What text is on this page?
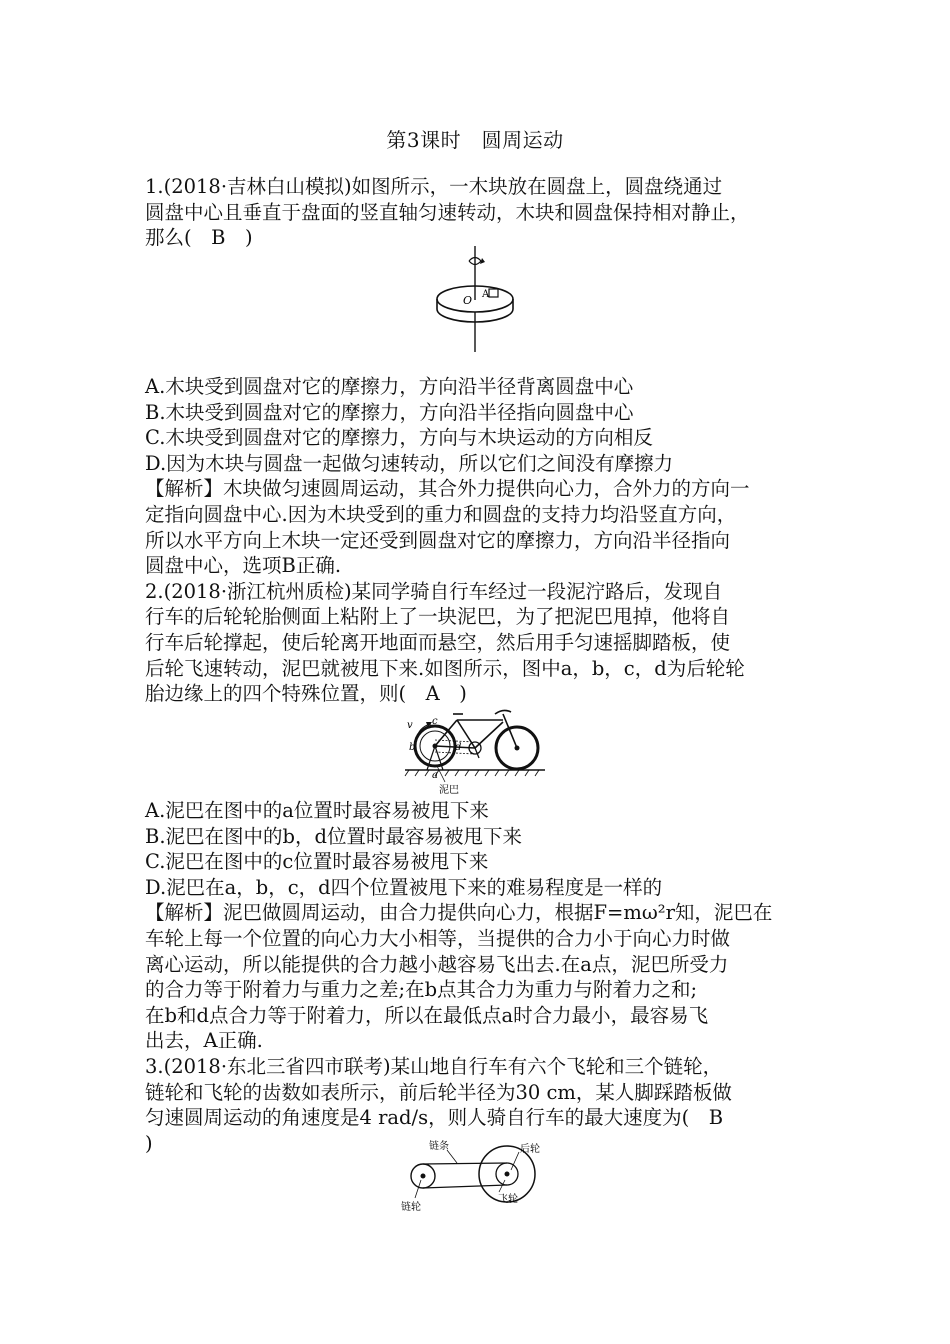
第3课时　圆周运动
1.(2018·吉林白山模拟)如图所示，一木块放在圆盘上，圆盘绕通过
圆盘中心且垂直于盘面的竖直轴匀速转动，木块和圆盘保持相对静止，
那么(　B　)
O A
A.木块受到圆盘对它的摩擦力，方向沿半径背离圆盘中心
B.木块受到圆盘对它的摩擦力，方向沿半径指向圆盘中心
C.木块受到圆盘对它的摩擦力，方向与木块运动的方向相反
D.因为木块与圆盘一起做匀速转动，所以它们之间没有摩擦力
【解析】木块做匀速圆周运动，其合外力提供向心力，合外力的方向一
定指向圆盘中心.因为木块受到的重力和圆盘的支持力均沿竖直方向，
所以水平方向上木块一定还受到圆盘对它的摩擦力，方向沿半径指向
圆盘中心，选项B正确.
2.(2018·浙江杭州质检)某同学骑自行车经过一段泥泞路后，发现自
行车的后轮轮胎侧面上粘附上了一块泥巴，为了把泥巴甩掉，他将自
行车后轮撑起，使后轮离开地面而悬空，然后用手匀速摇脚踏板，使
后轮飞速转动，泥巴就被甩下来.如图所示，图中a，b，c，d为后轮轮
胎边缘上的四个特殊位置，则(　A　)
v c
b	d
a
泥巴
A.泥巴在图中的a位置时最容易被甩下来
B.泥巴在图中的b，d位置时最容易被甩下来
C.泥巴在图中的c位置时最容易被甩下来
D.泥巴在a，b，c，d四个位置被甩下来的难易程度是一样的
【解析】泥巴做圆周运动，由合力提供向心力，根据F=mω²r知，泥巴在
车轮上每一个位置的向心力大小相等，当提供的合力小于向心力时做
离心运动，所以能提供的合力越小越容易飞出去.在a点，泥巴所受力
的合力等于附着力与重力之差;在b点其合力为重力与附着力之和;
在b和d点合力等于附着力，所以在最低点a时合力最小，最容易飞
出去，A正确.
3.(2018·东北三省四市联考)某山地自行车有六个飞轮和三个链轮，
链轮和飞轮的齿数如表所示，前后轮半径为30 cm，某人脚踩踏板做
匀速圆周运动的角速度是4 rad/s，则人骑自行车的最大速度为(　B
)	链条	后轮
链轮
飞轮
